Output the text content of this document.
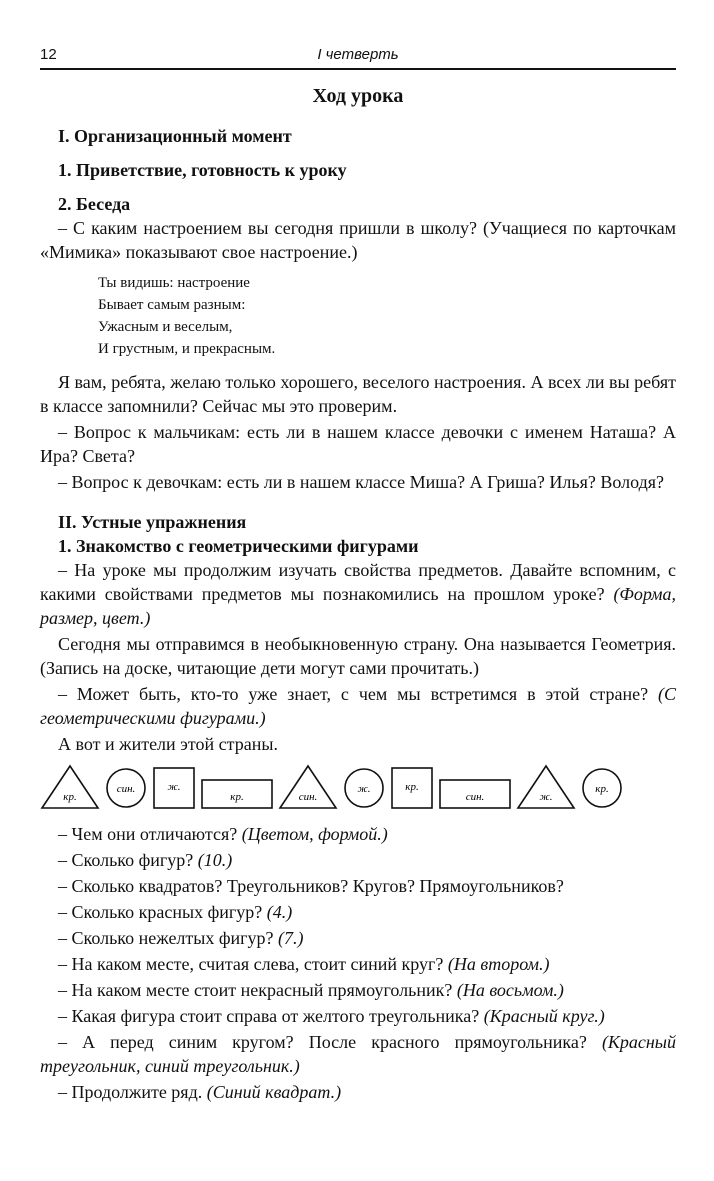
12	I четверть
Ход урока
I. Организационный момент
1. Приветствие, готовность к уроку
2. Беседа

– С каким настроением вы сегодня пришли в школу? (Учащиеся по карточкам «Мимика» показывают свое настроение.)

Ты видишь: настроение
Бывает самым разным:
Ужасным и веселым,
И грустным, и прекрасным.

Я вам, ребята, желаю только хорошего, веселого настроения. А всех ли вы ребят в классе запомнили? Сейчас мы это проверим.

– Вопрос к мальчикам: есть ли в нашем классе девочки с именем Наташа? А Ира? Света?

– Вопрос к девочкам: есть ли в нашем классе Миша? А Гриша? Илья? Володя?

II. Устные упражнения
1. Знакомство с геометрическими фигурами

– На уроке мы продолжим изучать свойства предметов. Давайте вспомним, с какими свойствами предметов мы познакомились на прошлом уроке? (Форма, размер, цвет.)

Сегодня мы отправимся в необыкновенную страну. Она называется Геометрия. (Запись на доске, читающие дети могут сами прочитать.)

– Может быть, кто-то уже знает, с чем мы встретимся в этой стране? (С геометрическими фигурами.)

А вот и жители этой страны.

кр.
син.	ж.
кр.	син.
ж.	кр.
син.	ж.
кр.

– Чем они отличаются? (Цветом, формой.)

– Сколько фигур? (10.)

– Сколько квадратов? Треугольников? Кругов? Прямоугольников?

– Сколько красных фигур? (4.)

– Сколько нежелтых фигур? (7.)

– На каком месте, считая слева, стоит синий круг? (На втором.)

– На каком месте стоит некрасный прямоугольник? (На восьмом.)

– Какая фигура стоит справа от желтого треугольника? (Красный круг.)

– А перед синим кругом? После красного прямоугольника? (Красный треугольник, синий треугольник.)

– Продолжите ряд. (Синий квадрат.)
